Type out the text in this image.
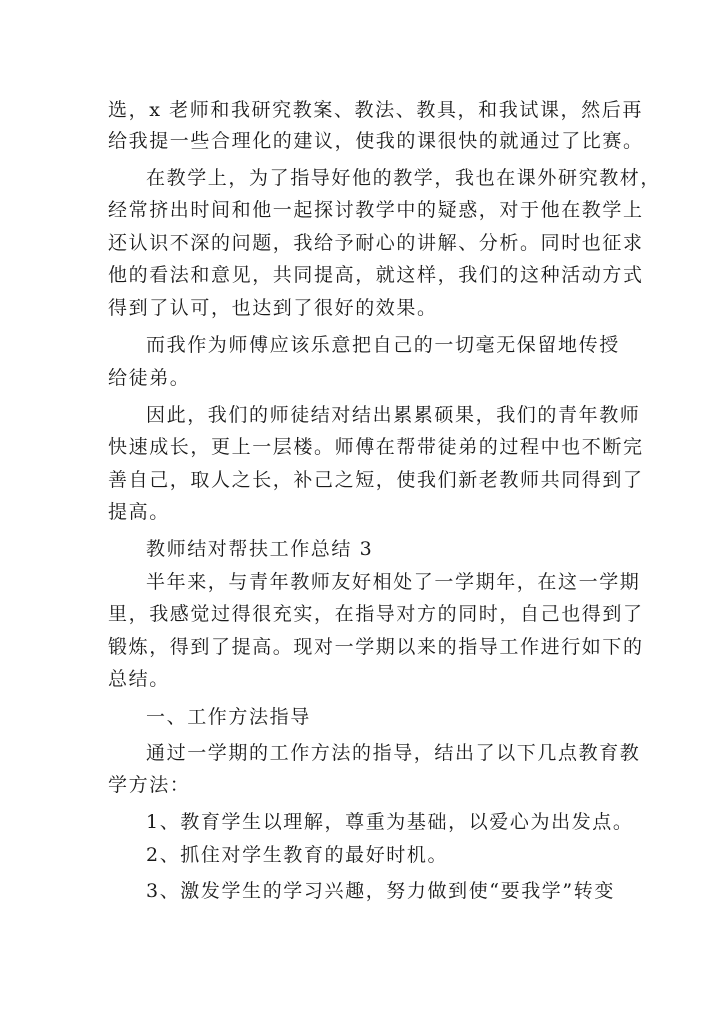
选，x 老师和我研究教案、教法、教具，和我试课，然后再
给我提一些合理化的建议，使我的课很快的就通过了比赛。
在教学上，为了指导好他的教学，我也在课外研究教材，
经常挤出时间和他一起探讨教学中的疑惑，对于他在教学上
还认识不深的问题，我给予耐心的讲解、分析。同时也征求
他的看法和意见，共同提高，就这样，我们的这种活动方式
得到了认可，也达到了很好的效果。
而我作为师傅应该乐意把自己的一切毫无保留地传授
给徒弟。
因此，我们的师徒结对结出累累硕果，我们的青年教师
快速成长，更上一层楼。师傅在帮带徒弟的过程中也不断完
善自己，取人之长，补己之短，使我们新老教师共同得到了
提高。
教师结对帮扶工作总结 3
半年来，与青年教师友好相处了一学期年，在这一学期
里，我感觉过得很充实，在指导对方的同时，自己也得到了
锻炼，得到了提高。现对一学期以来的指导工作进行如下的
总结。
一、工作方法指导
通过一学期的工作方法的指导，结出了以下几点教育教
学方法：
1、教育学生以理解，尊重为基础，以爱心为出发点。
2、抓住对学生教育的最好时机。
3、激发学生的学习兴趣，努力做到使“要我学”转变
